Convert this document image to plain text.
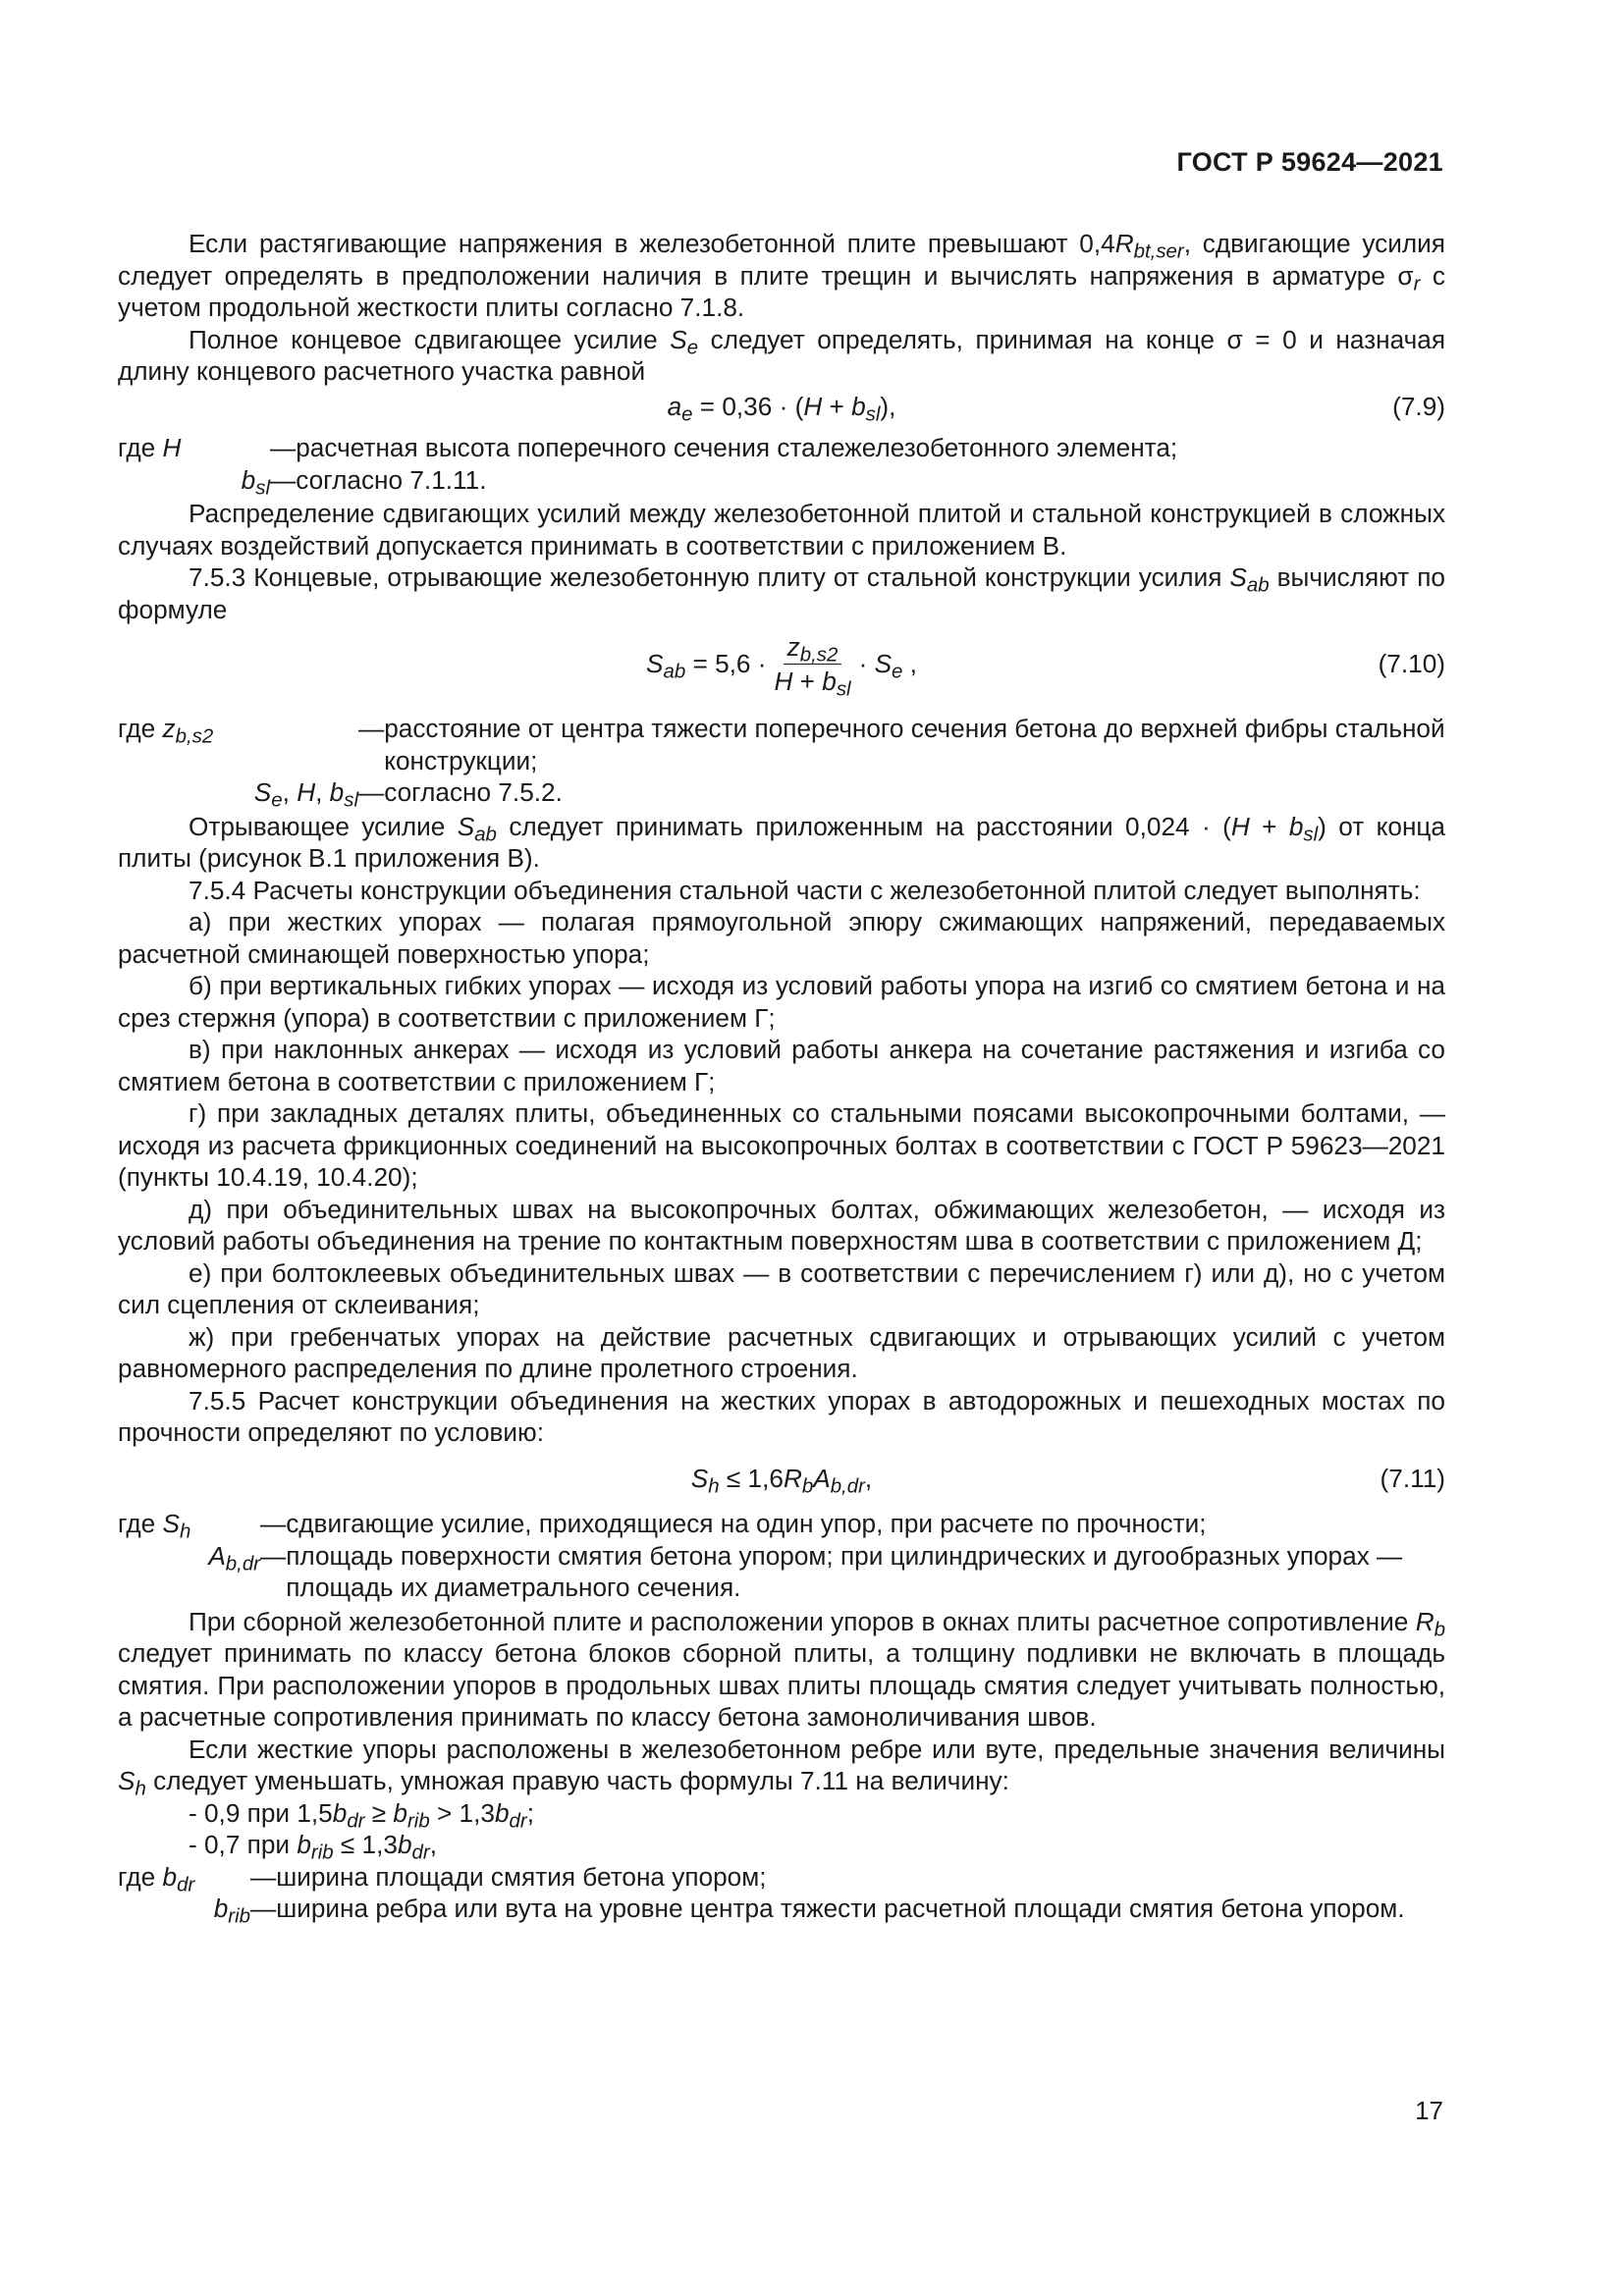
ГОСТ Р 59624—2021

Если растягивающие напряжения в железобетонной плите превышают $0,4R_{bt,ser}$, сдвигающие усилия следует определять в предположении наличия в плите трещин и вычислять напряжения в арматуре $\sigma_r$ с учетом продольной жесткости плиты согласно 7.1.8.

Полное концевое сдвигающее усилие $S_e$ следует определять, принимая на конце σ = 0 и назначая длину концевого расчетного участка равной

$a_e = 0,36 \cdot (H + b_{sl})$,	(7.9)
где H	— расчетная высота поперечного сечения сталежелезобетонного элемента;
$b_{sl}$ — согласно 7.1.11.

Распределение сдвигающих усилий между железобетонной плитой и стальной конструкцией в сложных случаях воздействий допускается принимать в соответствии с приложением В.

7.5.3 Концевые, отрывающие железобетонную плиту от стальной конструкции усилия $S_{ab}$ вычисляют по формуле

$S_{ab} = 5,6 \cdot \frac{z_{b,s2}}{H + b_{sl}} \cdot S_e$ ,	(7.10)
где $z_{b,s2}$	— расстояние от центра тяжести поперечного сечения бетона до верхней фибры стальной конструкции;
$S_e$, H, $b_{sl}$ — согласно 7.5.2.

Отрывающее усилие $S_{ab}$ следует принимать приложенным на расстоянии $0,024 \cdot (H + b_{sl})$ от конца плиты (рисунок В.1 приложения В).

7.5.4 Расчеты конструкции объединения стальной части с железобетонной плитой следует выполнять:

а) при жестких упорах — полагая прямоугольной эпюру сжимающих напряжений, передаваемых расчетной сминающей поверхностью упора;

б) при вертикальных гибких упорах — исходя из условий работы упора на изгиб со смятием бетона и на срез стержня (упора) в соответствии с приложением Г;

в) при наклонных анкерах — исходя из условий работы анкера на сочетание растяжения и изгиба со смятием бетона в соответствии с приложением Г;

г) при закладных деталях плиты, объединенных со стальными поясами высокопрочными болтами, — исходя из расчета фрикционных соединений на высокопрочных болтах в соответствии с ГОСТ Р 59623—2021 (пункты 10.4.19, 10.4.20);

д) при объединительных швах на высокопрочных болтах, обжимающих железобетон, — исходя из условий работы объединения на трение по контактным поверхностям шва в соответствии с приложением Д;

е) при болтоклеевых объединительных швах — в соответствии с перечислением г) или д), но с учетом сил сцепления от склеивания;

ж) при гребенчатых упорах на действие расчетных сдвигающих и отрывающих усилий с учетом равномерного распределения по длине пролетного строения.

7.5.5 Расчет конструкции объединения на жестких упорах в автодорожных и пешеходных мостах по прочности определяют по условию:

$S_h \le 1,6R_bA_{b,dr}$,	(7.11)
где $S_h$	— сдвигающие усилие, приходящиеся на один упор, при расчете по прочности;
$A_{b,dr}$ — площадь поверхности смятия бетона упором; при цилиндрических и дугообразных упорах — площадь их диаметрального сечения.

При сборной железобетонной плите и расположении упоров в окнах плиты расчетное сопротивление $R_b$ следует принимать по классу бетона блоков сборной плиты, а толщину подливки не включать в площадь смятия. При расположении упоров в продольных швах плиты площадь смятия следует учитывать полностью, а расчетные сопротивления принимать по классу бетона замоноличивания швов.

Если жесткие упоры расположены в железобетонном ребре или вуте, предельные значения величины $S_h$ следует уменьшать, умножая правую часть формулы 7.11 на величину:

- 0,9 при $1,5b_{dr} \ge b_{rib} > 1,3b_{dr}$;

- 0,7 при $b_{rib} \le 1,3b_{dr}$,

где $b_{dr}$	— ширина площади смятия бетона упором;
$b_{rib}$ — ширина ребра или вута на уровне центра тяжести расчетной площади смятия бетона упором.
17
